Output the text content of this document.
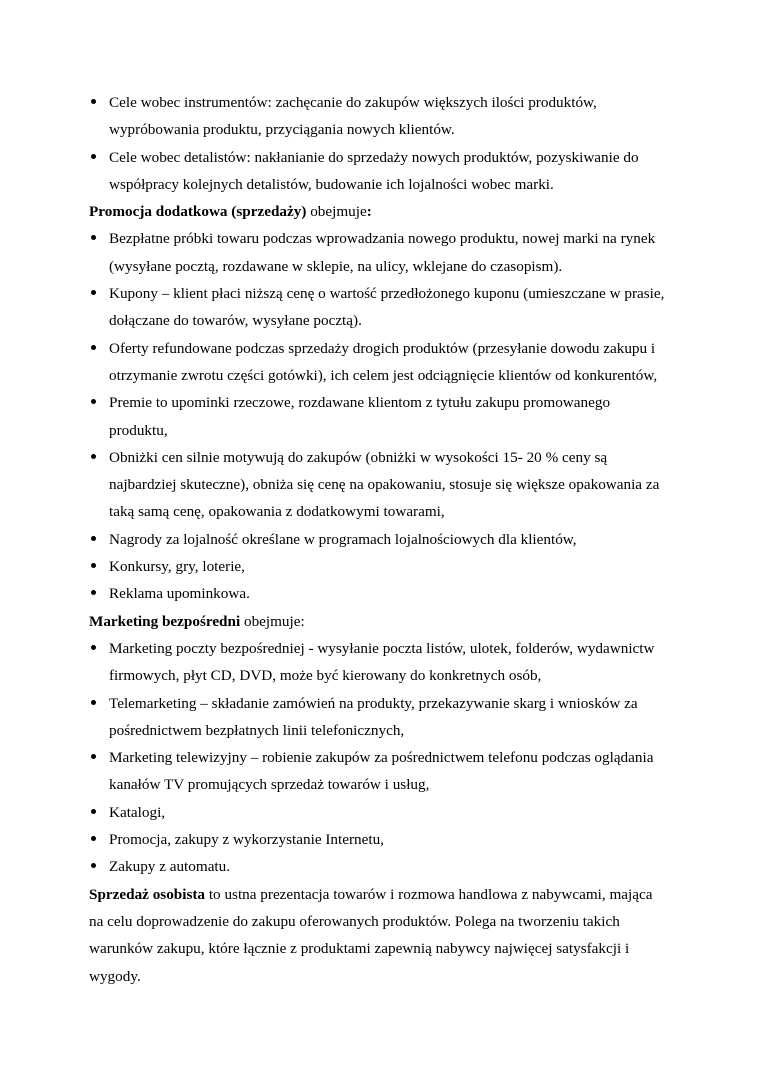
Cele wobec instrumentów: zachęcanie do zakupów większych ilości produktów, wypróbowania produktu, przyciągania nowych klientów.
Cele wobec detalistów: nakłanianie do sprzedaży nowych produktów, pozyskiwanie do współpracy kolejnych detalistów, budowanie ich lojalności wobec marki.

Promocja dodatkowa (sprzedaży) obejmuje:

Bezpłatne próbki towaru podczas wprowadzania nowego produktu, nowej marki na rynek (wysyłane pocztą, rozdawane w sklepie, na ulicy, wklejane do czasopism).
Kupony – klient płaci niższą cenę o wartość przedłożonego kuponu (umieszczane w prasie, dołączane do towarów, wysyłane pocztą).
Oferty refundowane podczas sprzedaży drogich produktów (przesyłanie dowodu zakupu i otrzymanie zwrotu części gotówki), ich celem jest odciągnięcie klientów od konkurentów,
Premie to upominki rzeczowe, rozdawane klientom z tytułu zakupu promowanego produktu,
Obniżki cen silnie motywują do zakupów (obniżki w wysokości 15- 20 % ceny są najbardziej skuteczne), obniża się cenę na opakowaniu, stosuje się większe opakowania za taką samą cenę, opakowania z dodatkowymi towarami,
Nagrody za lojalność określane w programach lojalnościowych dla klientów,
Konkursy, gry, loterie,
Reklama upominkowa.

Marketing bezpośredni obejmuje:

Marketing poczty bezpośredniej - wysyłanie poczta listów, ulotek, folderów, wydawnictw firmowych, płyt CD, DVD, może być kierowany do konkretnych osób,
Telemarketing – składanie zamówień na produkty, przekazywanie skarg i wniosków za pośrednictwem bezpłatnych linii telefonicznych,
Marketing telewizyjny – robienie zakupów za pośrednictwem telefonu podczas oglądania kanałów TV promujących sprzedaż towarów i usług,
Katalogi,
Promocja, zakupy z wykorzystanie Internetu,
Zakupy z automatu.

Sprzedaż osobista to ustna prezentacja towarów i rozmowa handlowa z nabywcami, mająca na celu doprowadzenie do zakupu oferowanych produktów. Polega na tworzeniu takich warunków zakupu, które łącznie z produktami zapewnią nabywcy najwięcej satysfakcji i wygody.
